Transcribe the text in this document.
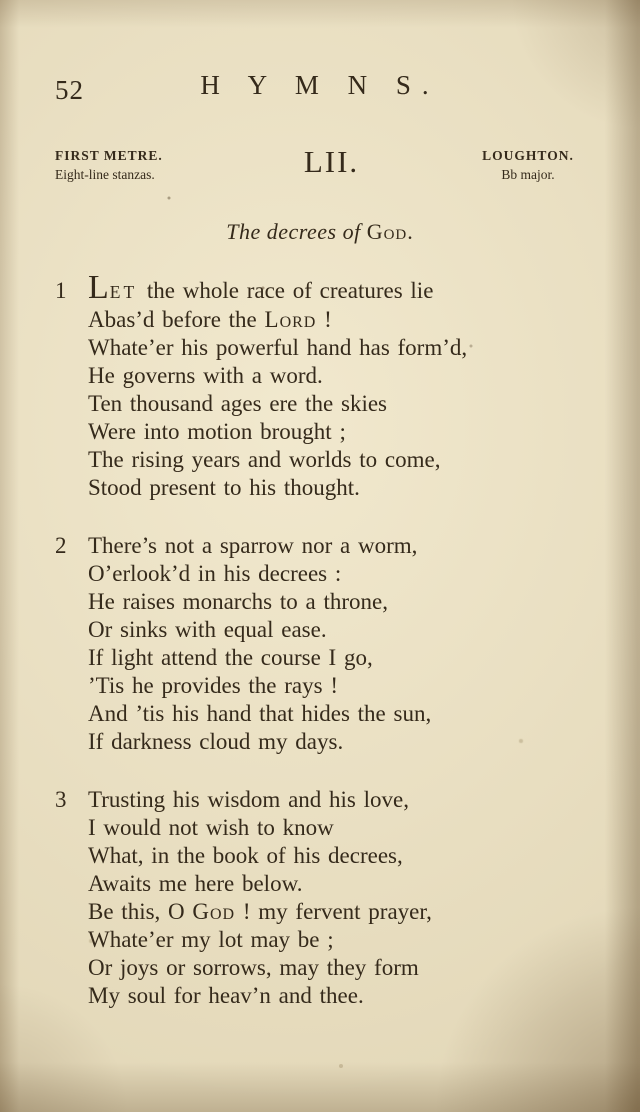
52	H Y M N S.
FIRST METRE.
Eight-line stanzas.	LII.	LOUGHTON.
Bb major.
The decrees of God.
1 LET the whole race of creatures lie
Abas’d before the Lord !
Whate’er his powerful hand has form’d,
He governs with a word.
Ten thousand ages ere the skies
Were into motion brought ;
The rising years and worlds to come,
Stood present to his thought.
2 There’s not a sparrow nor a worm,
O’erlook’d in his decrees :
He raises monarchs to a throne,
Or sinks with equal ease.
If light attend the course I go,
’Tis he provides the rays !
And ’tis his hand that hides the sun,
If darkness cloud my days.
3 Trusting his wisdom and his love,
I would not wish to know
What, in the book of his decrees,
Awaits me here below.
Be this, O God ! my fervent prayer,
Whate’er my lot may be ;
Or joys or sorrows, may they form
My soul for heav’n and thee.
